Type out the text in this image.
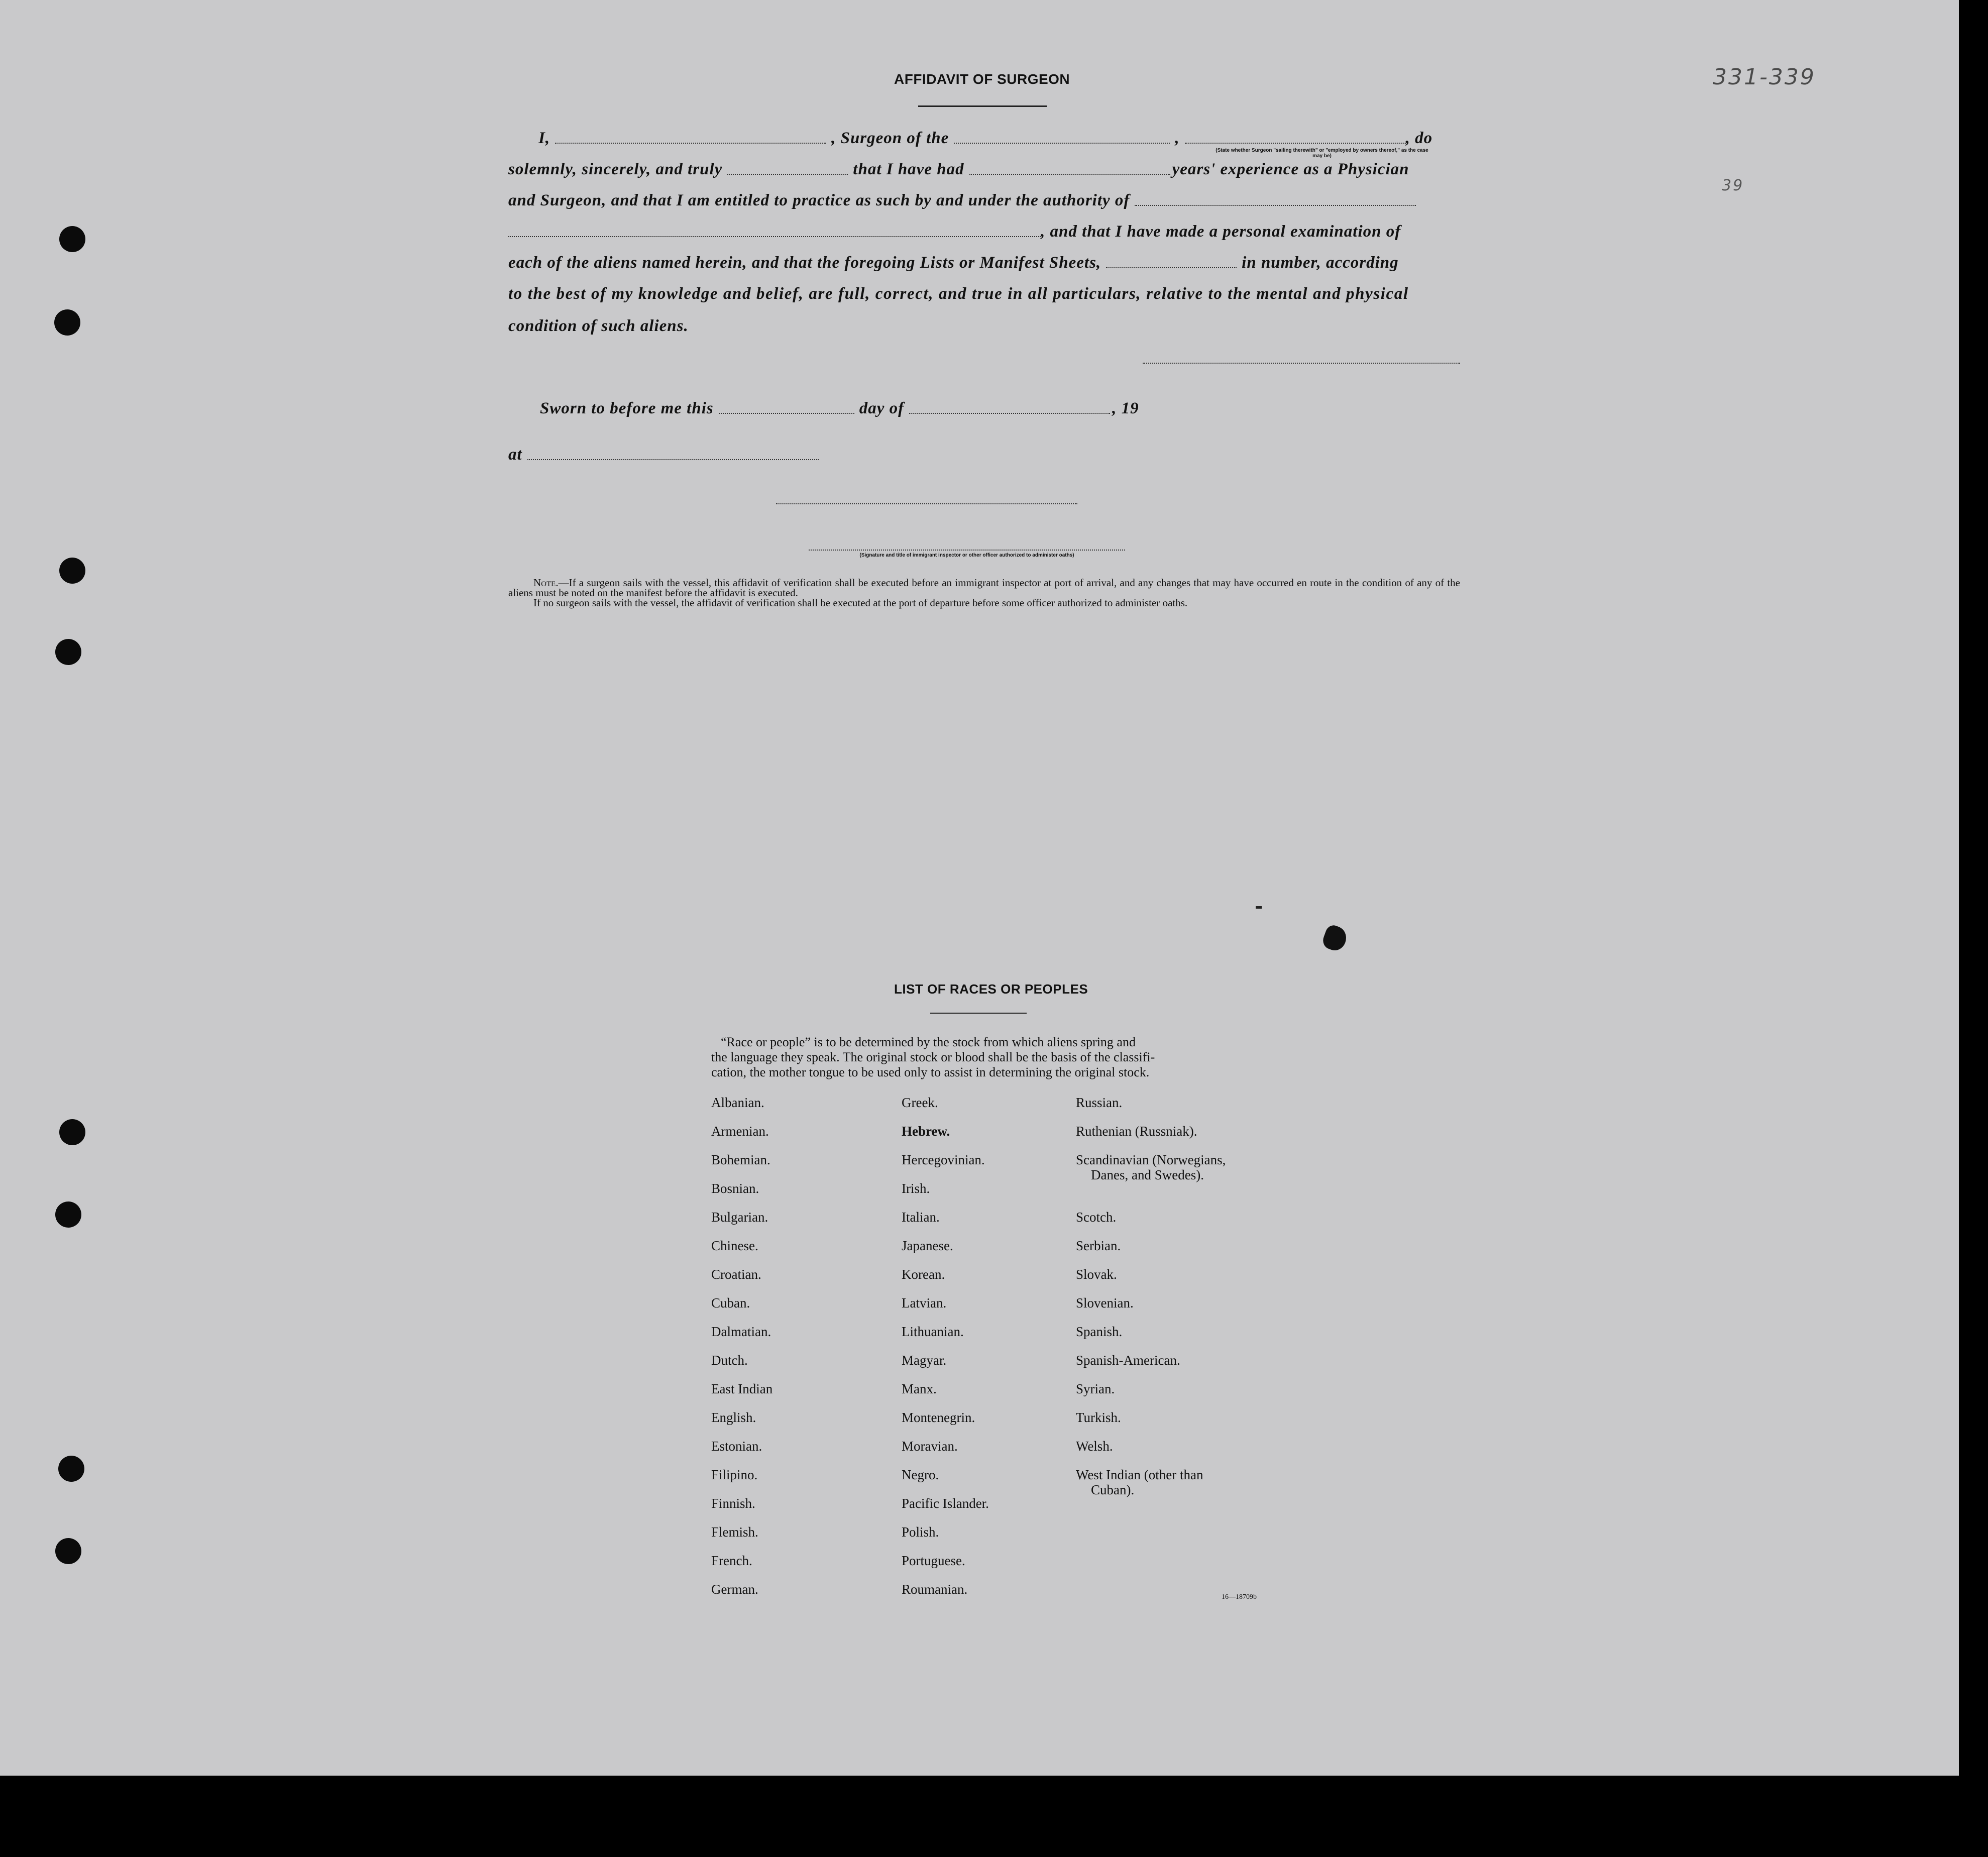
331-339
39
AFFIDAVIT OF SURGEON
I,	, Surgeon of the	,	, do
(State whether Surgeon "sailing therewith" or "employed by owners thereof," as the case may be)
solemnly, sincerely, and truly	that I have had	years' experience as a Physician
and Surgeon, and that I am entitled to practice as such by and under the authority of
, and that I have made a personal examination of
each of the aliens named herein, and that the foregoing Lists or Manifest Sheets,	in number, according
to the best of my knowledge and belief, are full, correct, and true in all particulars, relative to the mental and physical
condition of such aliens.
Sworn to before me this	day of	, 19
at
(Signature and title of immigrant inspector or other officer authorized to administer oaths)
Note.—If a surgeon sails with the vessel, this affidavit of verification shall be executed before an immigrant inspector at port of arrival, and any changes that may have occurred en route in the condition of any of the aliens must be noted on the manifest before the affidavit is executed.
If no surgeon sails with the vessel, the affidavit of verification shall be executed at the port of departure before some officer authorized to administer oaths.
LIST OF RACES OR PEOPLES
“Race or people” is to be determined by the stock from which aliens spring and
the language they speak. The original stock or blood shall be the basis of the classifi-
cation, the mother tongue to be used only to assist in determining the original stock.
Albanian.
Armenian.
Bohemian.
Bosnian.
Bulgarian.
Chinese.
Croatian.
Cuban.
Dalmatian.
Dutch.
East Indian
English.
Estonian.
Filipino.
Finnish.
Flemish.
French.
German.
Greek.
Hebrew.
Hercegovinian.
Irish.
Italian.
Japanese.
Korean.
Latvian.
Lithuanian.
Magyar.
Manx.
Montenegrin.
Moravian.
Negro.
Pacific Islander.
Polish.
Portuguese.
Roumanian.
Russian.
Ruthenian (Russniak).
Scandinavian (Norwegians,
Danes, and Swedes).
Scotch.
Serbian.
Slovak.
Slovenian.
Spanish.
Spanish-American.
Syrian.
Turkish.
Welsh.
West Indian (other than
Cuban).
16—18709b
